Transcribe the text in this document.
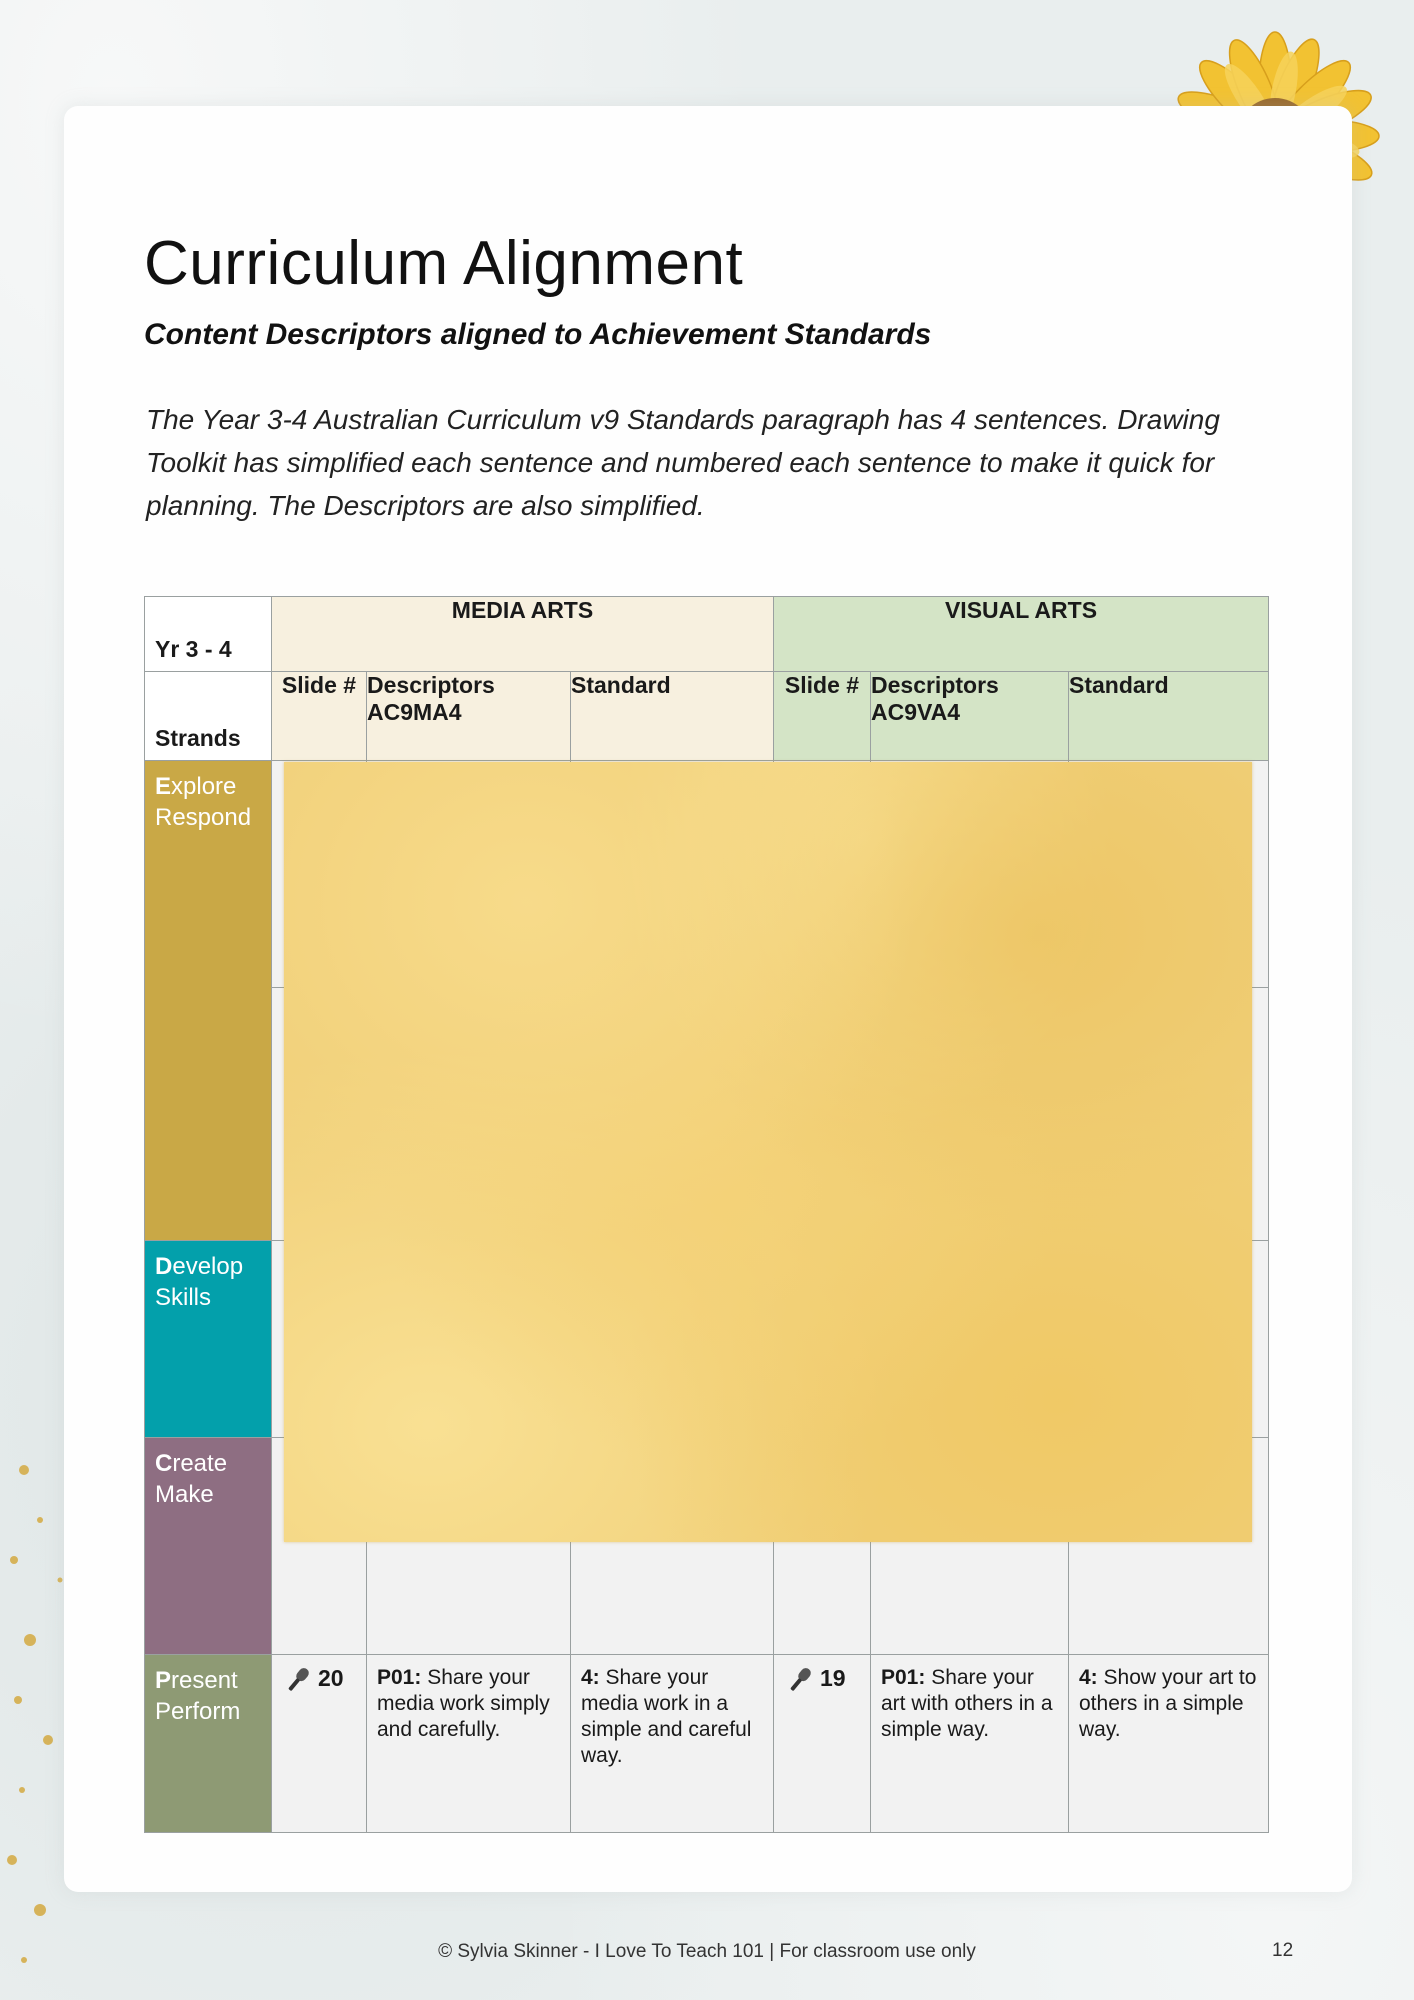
Curriculum Alignment

Content Descriptors aligned to Achievement Standards

The Year 3-4 Australian Curriculum v9 Standards paragraph has 4 sentences. Drawing Toolkit has simplified each sentence and numbered each sentence to make it quick for planning. The Descriptors are also simplified.

Yr 3 - 4	MEDIA ARTS			VISUAL ARTS		
Strands	Slide #	Descriptors AC9MA4	Standard	Slide #	Descriptors AC9VA4	Standard
Explore
Respond						

Develop
Skills						
Create
Make						
Present
Perform	20	P01: Share your media work simply and carefully.	4: Share your media work in a simple and careful way.	19	P01: Share your art with others in a simple way.	4: Show your art to others in a simple way.
© Sylvia Skinner - I Love To Teach 101 | For classroom use only	12
